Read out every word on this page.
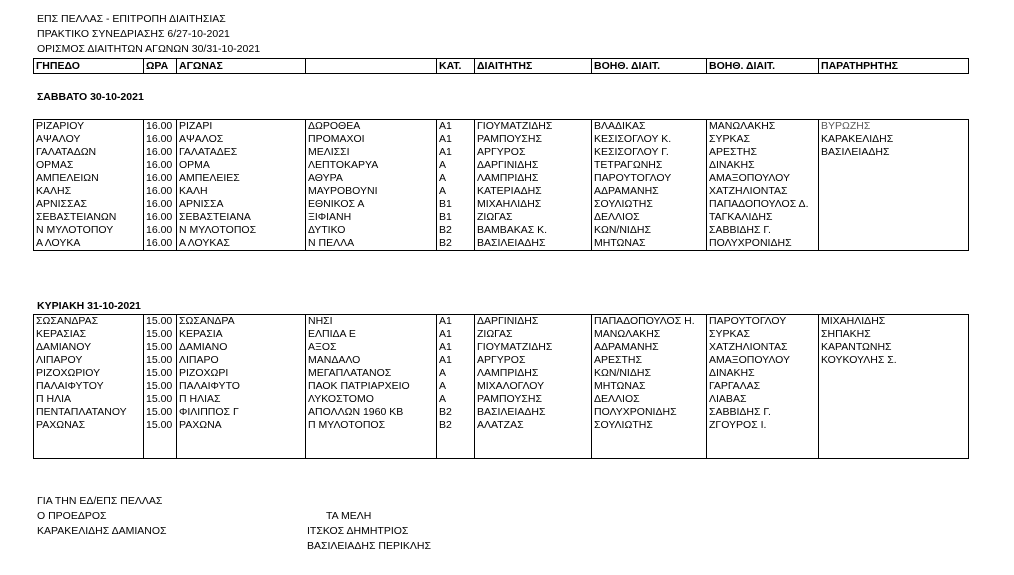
ΕΠΣ ΠΕΛΛΑΣ - ΕΠΙΤΡΟΠΗ ΔΙΑΙΤΗΣΙΑΣ
ΠΡΑΚΤΙΚΟ ΣΥΝΕΔΡΙΑΣΗΣ 6/27-10-2021
ΟΡΙΣΜΟΣ ΔΙΑΙΤΗΤΩΝ ΑΓΩΝΩΝ 30/31-10-2021
ΓΗΠΕΔΟ	ΩΡΑ	ΑΓΩΝΑΣ		ΚΑΤ.	ΔΙΑΙΤΗΤΗΣ	ΒΟΗΘ. ΔΙΑΙΤ.	ΒΟΗΘ. ΔΙΑΙΤ.	ΠΑΡΑΤΗΡΗΤΗΣ
ΣΑΒΒΑΤΟ 30-10-2021
ΡΙΖΑΡΙΟΥ	16.00	ΡΙΖΑΡΙ	ΔΩΡΟΘΕΑ	Α1	ΓΙΟΥΜΑΤΖΙΔΗΣ	ΒΛΑΔΙΚΑΣ	ΜΑΝΩΛΑΚΗΣ	ΒΥΡΩΖΗΣ
ΑΨΑΛΟΥ	16.00	ΑΨΑΛΟΣ	ΠΡΟΜΑΧΟΙ	Α1	ΡΑΜΠΟΥΣΗΣ	ΚΕΣΙΣΟΓΛΟΥ Κ.	ΣΥΡΚΑΣ	ΚΑΡΑΚΕΛΙΔΗΣ
ΓΑΛΑΤΑΔΩΝ	16.00	ΓΑΛΑΤΑΔΕΣ	ΜΕΛΙΣΣΙ	Α1	ΑΡΓΥΡΟΣ	ΚΕΣΙΣΟΓΛΟΥ Γ.	ΑΡΕΣΤΗΣ	ΒΑΣΙΛΕΙΑΔΗΣ
ΟΡΜΑΣ	16.00	ΟΡΜΑ	ΛΕΠΤΟΚΑΡΥΑ	Α	ΔΑΡΓΙΝΙΔΗΣ	ΤΕΤΡΑΓΩΝΗΣ	ΔΙΝΑΚΗΣ	
ΑΜΠΕΛΕΙΩΝ	16.00	ΑΜΠΕΛΕΙΕΣ	ΑΘΥΡΑ	Α	ΛΑΜΠΡΙΔΗΣ	ΠΑΡΟΥΤΟΓΛΟΥ	ΑΜΑΞΟΠΟΥΛΟΥ	
ΚΑΛΗΣ	16.00	ΚΑΛΗ	ΜΑΥΡΟΒΟΥΝΙ	Α	ΚΑΤΕΡΙΑΔΗΣ	ΑΔΡΑΜΑΝΗΣ	ΧΑΤΖΗΛΙΟΝΤΑΣ	
ΑΡΝΙΣΣΑΣ	16.00	ΑΡΝΙΣΣΑ	ΕΘΝΙΚΟΣ Α	Β1	ΜΙΧΑΗΛΙΔΗΣ	ΣΟΥΛΙΩΤΗΣ	ΠΑΠΑΔΟΠΟΥΛΟΣ Δ.	
ΣΕΒΑΣΤΕΙΑΝΩΝ	16.00	ΣΕΒΑΣΤΕΙΑΝΑ	ΞΙΦΙΑΝΗ	Β1	ΖΙΩΓΑΣ	ΔΕΛΛΙΟΣ	ΤΑΓΚΑΛΙΔΗΣ	
Ν ΜΥΛΟΤΟΠΟΥ	16.00	Ν ΜΥΛΟΤΟΠΟΣ	ΔΥΤΙΚΟ	Β2	ΒΑΜΒΑΚΑΣ Κ.	ΚΩΝ/ΝΙΔΗΣ	ΣΑΒΒΙΔΗΣ Γ.	
Α ΛΟΥΚΑ	16.00	Α ΛΟΥΚΑΣ	Ν ΠΕΛΛΑ	Β2	ΒΑΣΙΛΕΙΑΔΗΣ	ΜΗΤΩΝΑΣ	ΠΟΛΥΧΡΟΝΙΔΗΣ	
ΚΥΡΙΑΚΗ 31-10-2021
ΣΩΣΑΝΔΡΑΣ	15.00	ΣΩΣΑΝΔΡΑ	ΝΗΣΙ	Α1	ΔΑΡΓΙΝΙΔΗΣ	ΠΑΠΑΔΟΠΟΥΛΟΣ Η.	ΠΑΡΟΥΤΟΓΛΟΥ	ΜΙΧΑΗΛΙΔΗΣ
ΚΕΡΑΣΙΑΣ	15.00	ΚΕΡΑΣΙΑ	ΕΛΠΙΔΑ Ε	Α1	ΖΙΩΓΑΣ	ΜΑΝΩΛΑΚΗΣ	ΣΥΡΚΑΣ	ΣΗΠΑΚΗΣ
ΔΑΜΙΑΝΟΥ	15.00	ΔΑΜΙΑΝΟ	ΑΞΟΣ	Α1	ΓΙΟΥΜΑΤΖΙΔΗΣ	ΑΔΡΑΜΑΝΗΣ	ΧΑΤΖΗΛΙΟΝΤΑΣ	ΚΑΡΑΝΤΩΝΗΣ
ΛΙΠΑΡΟΥ	15.00	ΛΙΠΑΡΟ	ΜΑΝΔΑΛΟ	Α1	ΑΡΓΥΡΟΣ	ΑΡΕΣΤΗΣ	ΑΜΑΞΟΠΟΥΛΟΥ	ΚΟΥΚΟΥΛΗΣ Σ.
ΡΙΖΟΧΩΡΙΟΥ	15.00	ΡΙΖΟΧΩΡΙ	ΜΕΓΑΠΛΑΤΑΝΟΣ	Α	ΛΑΜΠΡΙΔΗΣ	ΚΩΝ/ΝΙΔΗΣ	ΔΙΝΑΚΗΣ	
ΠΑΛΑΙΦΥΤΟΥ	15.00	ΠΑΛΑΙΦΥΤΟ	ΠΑΟΚ ΠΑΤΡΙΑΡΧΕΙΟ	Α	ΜΙΧΑΛΟΓΛΟΥ	ΜΗΤΩΝΑΣ	ΓΑΡΓΑΛΑΣ	
Π ΗΛΙΑ	15.00	Π ΗΛΙΑΣ	ΛΥΚΟΣΤΟΜΟ	Α	ΡΑΜΠΟΥΣΗΣ	ΔΕΛΛΙΟΣ	ΛΙΑΒΑΣ	
ΠΕΝΤΑΠΛΑΤΑΝΟΥ	15.00	ΦΙΛΙΠΠΟΣ Γ	ΑΠΟΛΛΩΝ 1960 ΚΒ	Β2	ΒΑΣΙΛΕΙΑΔΗΣ	ΠΟΛΥΧΡΟΝΙΔΗΣ	ΣΑΒΒΙΔΗΣ Γ.	
ΡΑΧΩΝΑΣ	15.00	ΡΑΧΩΝΑ	Π ΜΥΛΟΤΟΠΟΣ	Β2	ΑΛΑΤΖΑΣ	ΣΟΥΛΙΩΤΗΣ	ΖΓΟΥΡΟΣ Ι.	

ΓΙΑ ΤΗΝ ΕΔ/ΕΠΣ ΠΕΛΛΑΣ
Ο ΠΡΟΕΔΡΟΣ
ΚΑΡΑΚΕΛΙΔΗΣ ΔΑΜΙΑΝΟΣ
ΤΑ ΜΕΛΗ
ΙΤΣΚΟΣ ΔΗΜΗΤΡΙΟΣ
ΒΑΣΙΛΕΙΑΔΗΣ ΠΕΡΙΚΛΗΣ
